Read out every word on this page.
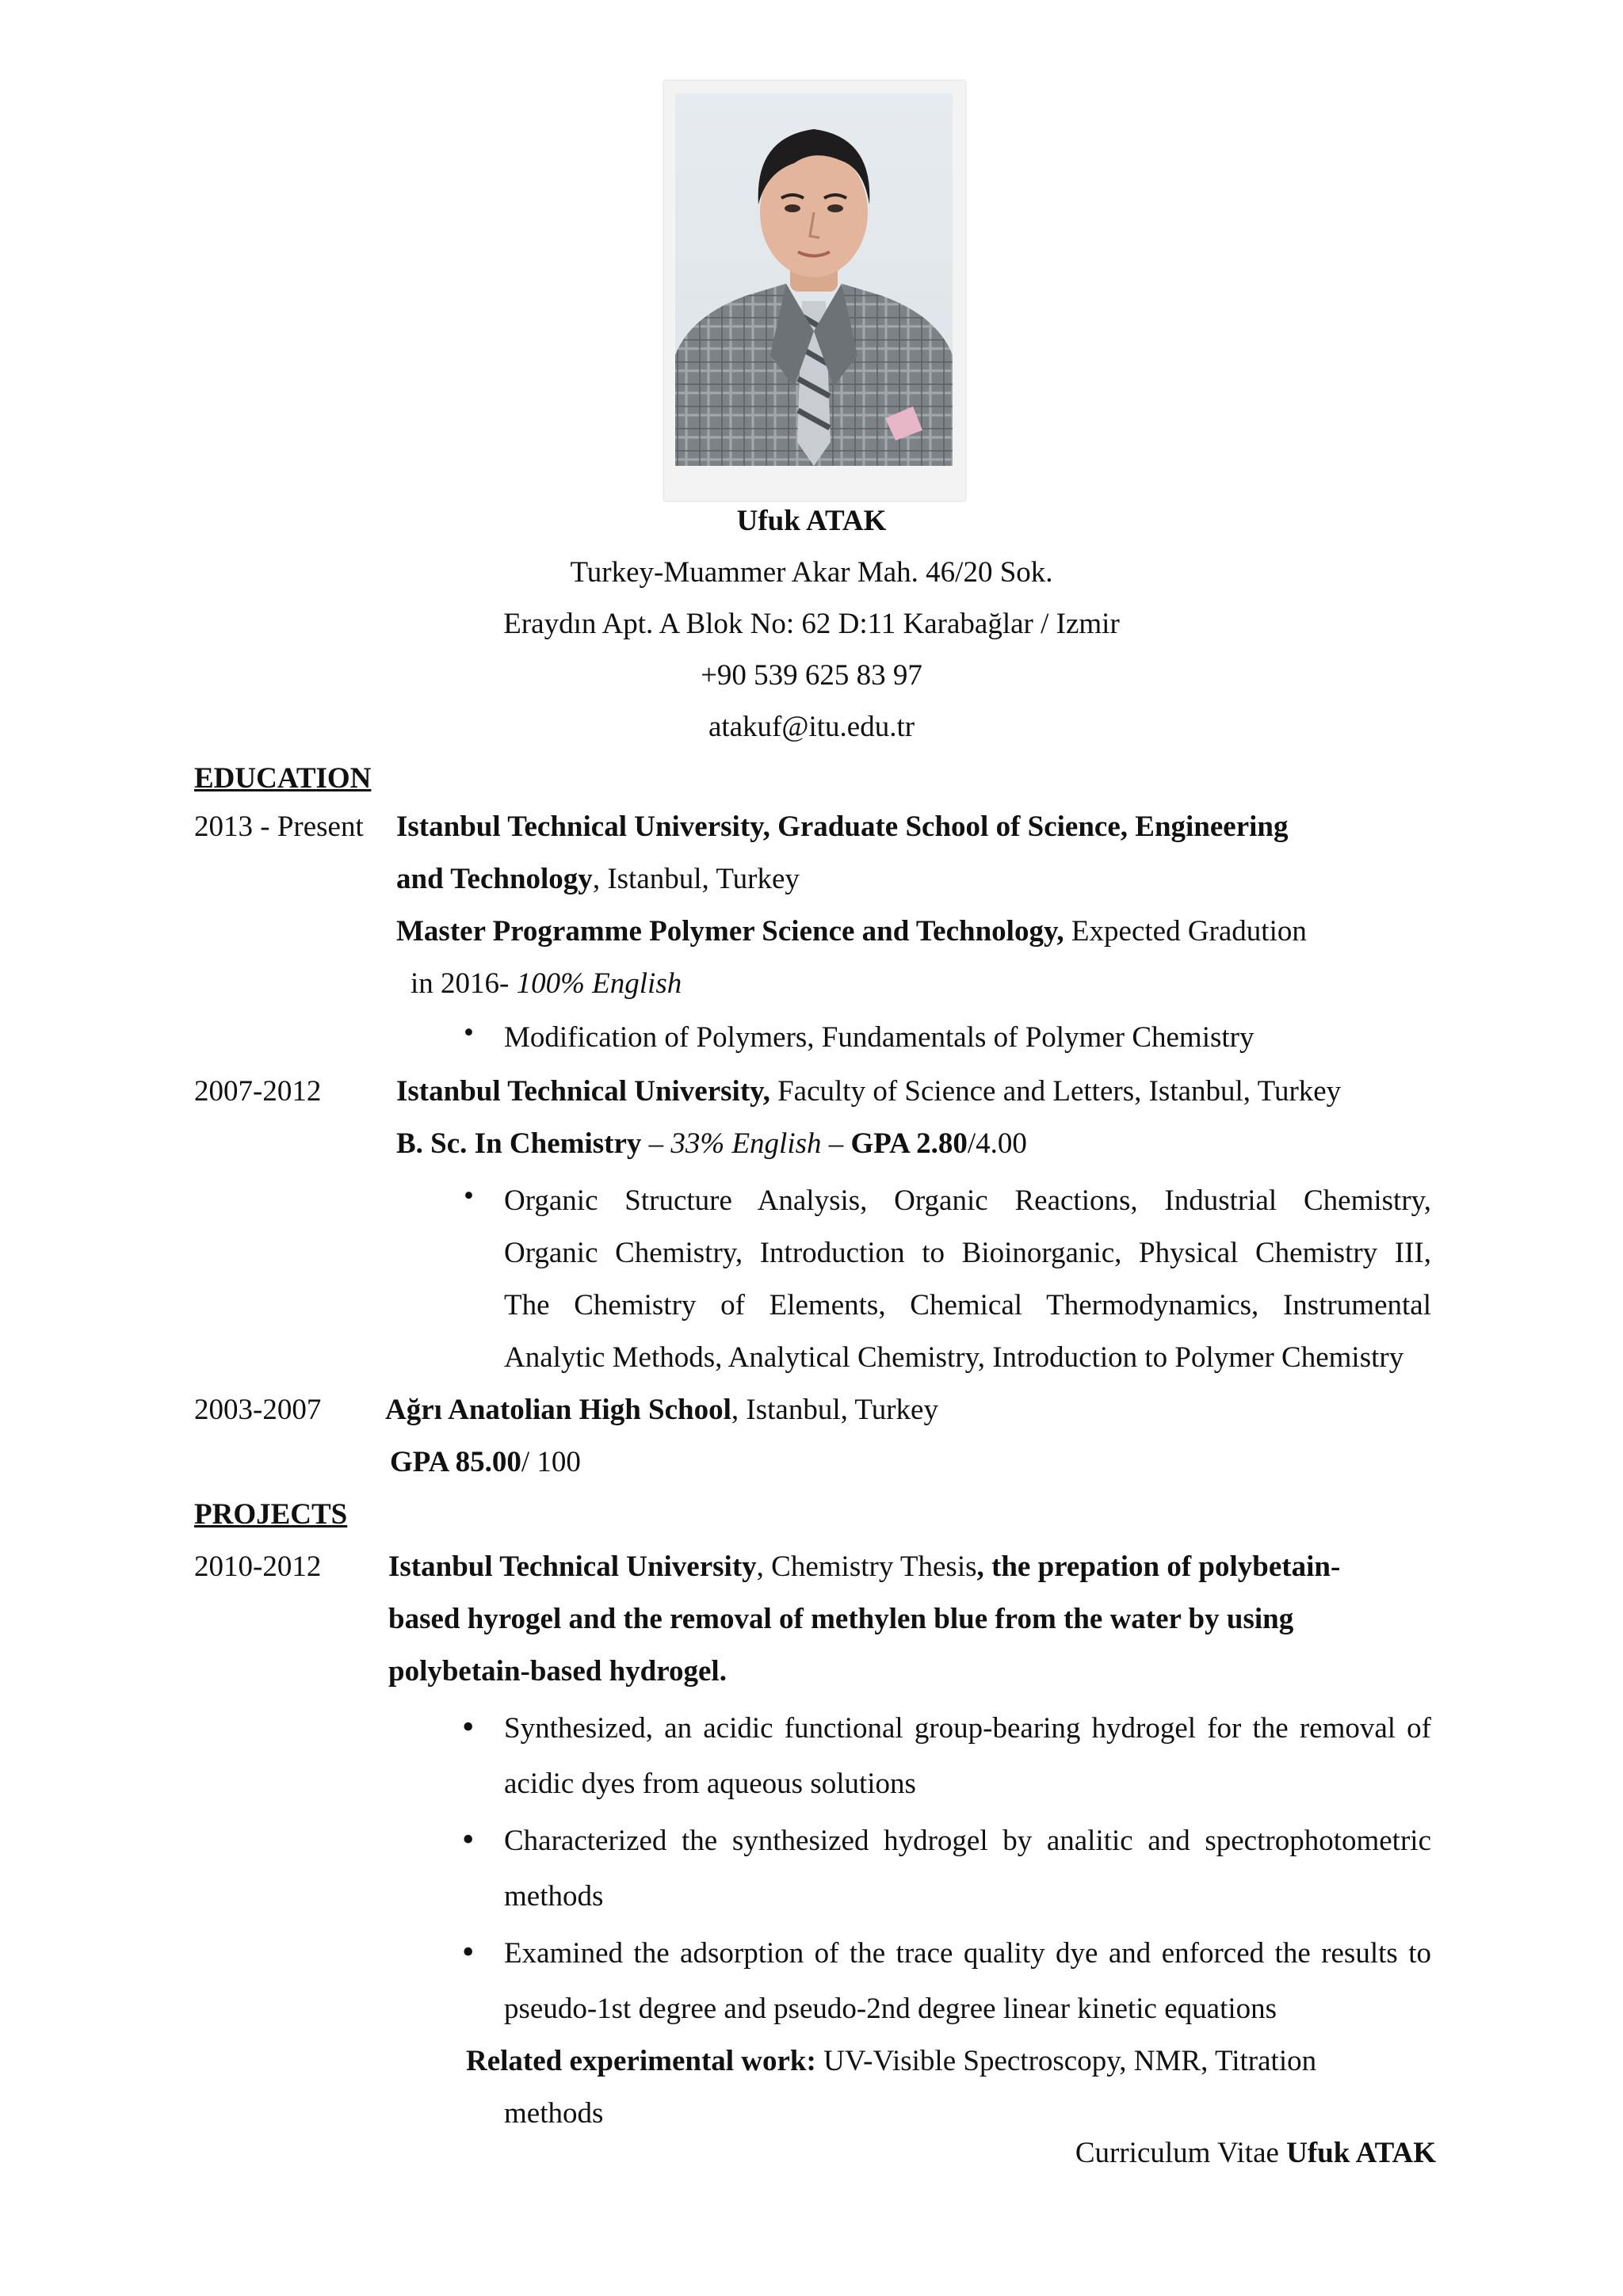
Ufuk ATAK
Turkey-Muammer Akar Mah. 46/20 Sok.
Eraydın Apt. A Blok No: 62 D:11 Karabağlar / Izmir
+90 539 625 83 97
atakuf@itu.edu.tr
EDUCATION
2013 - Present Istanbul Technical University, Graduate School of Science, Engineering
and Technology, Istanbul, Turkey
Master Programme Polymer Science and Technology, Expected Gradution
in 2016- 100% English
• Modification of Polymers, Fundamentals of Polymer Chemistry
2007-2012	Istanbul Technical University, Faculty of Science and Letters, Istanbul, Turkey
B. Sc. In Chemistry – 33% English – GPA 2.80/4.00
• Organic Structure Analysis, Organic Reactions, Industrial Chemistry,
Organic Chemistry, Introduction to Bioinorganic, Physical Chemistry III,
The Chemistry of Elements, Chemical Thermodynamics, Instrumental
Analytic Methods, Analytical Chemistry, Introduction to Polymer Chemistry
2003-2007 Ağrı Anatolian High School, Istanbul, Turkey
GPA 85.00/ 100
PROJECTS
2010-2012 Istanbul Technical University, Chemistry Thesis, the prepation of polybetain-
based hyrogel and the removal of methylen blue from the water by using
polybetain-based hydrogel.
• Synthesized, an acidic functional group-bearing hydrogel for the removal of
acidic dyes from aqueous solutions
• Characterized the synthesized hydrogel by analitic and spectrophotometric
methods
• Examined the adsorption of the trace quality dye and enforced the results to
pseudo-1st degree and pseudo-2nd degree linear kinetic equations
Related experimental work: UV-Visible Spectroscopy, NMR, Titration
methods
Curriculum Vitae Ufuk ATAK
